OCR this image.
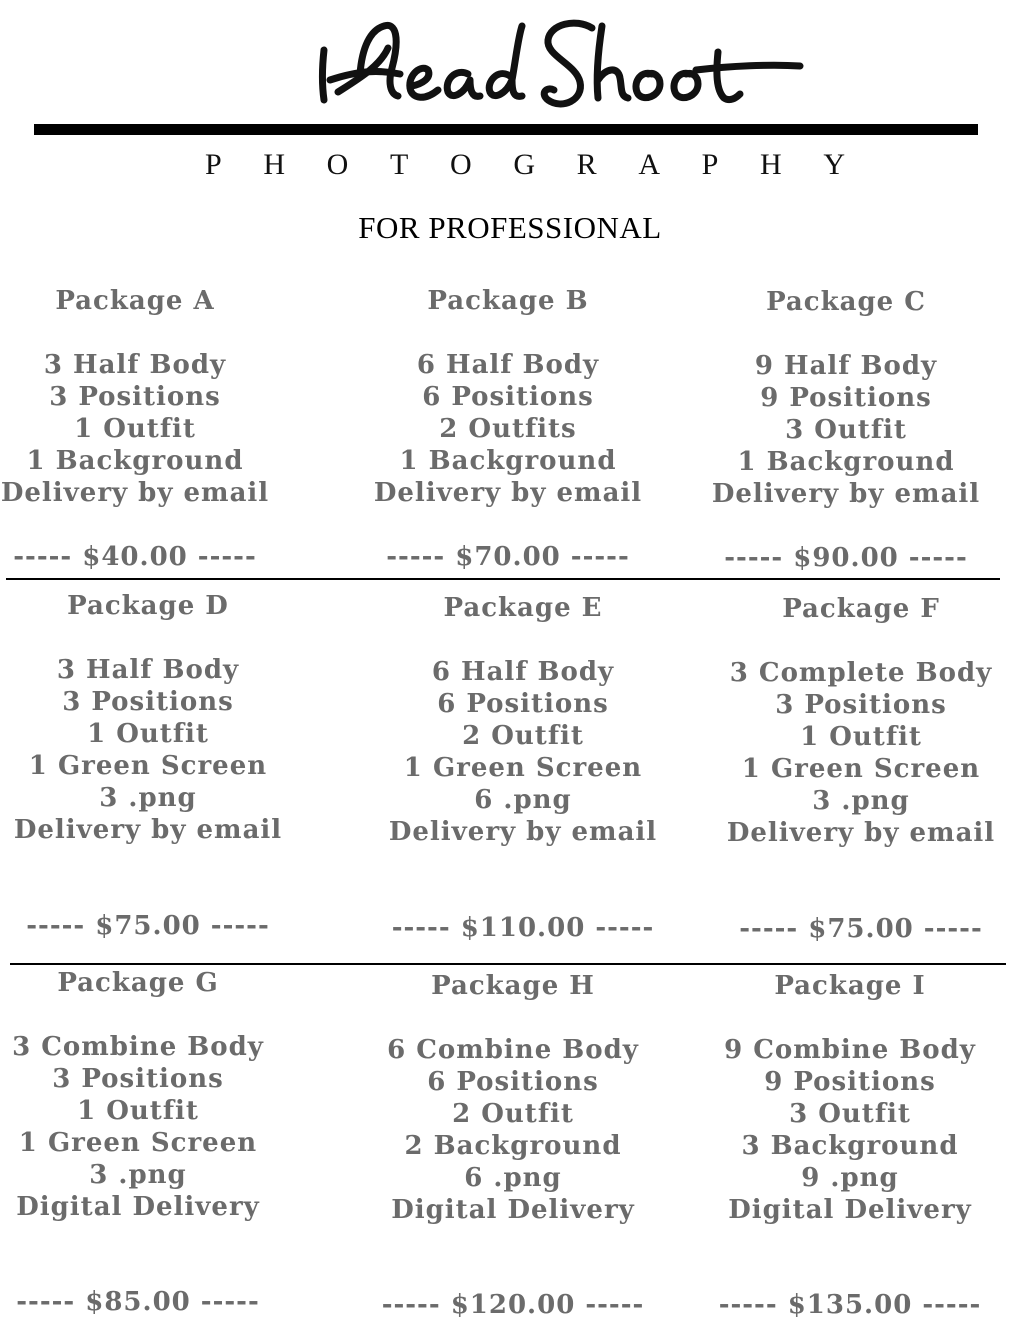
P H O T O G R A P H Y
FOR PROFESSIONAL
Package A
3 Half Body
3 Positions
1 Outfit
1 Background
Delivery by email
----- $40.00 -----
Package B
6 Half Body
6 Positions
2 Outfits
1 Background
Delivery by email
----- $70.00 -----
Package C
9 Half Body
9 Positions
3 Outfit
1 Background
Delivery by email
----- $90.00 -----
Package D
3 Half Body
3 Positions
1 Outfit
1 Green Screen
3 .png
Delivery by email
----- $75.00 -----
Package E
6 Half Body
6 Positions
2 Outfit
1 Green Screen
6 .png
Delivery by email
----- $110.00 -----
Package F
3 Complete Body
3 Positions
1 Outfit
1 Green Screen
3 .png
Delivery by email
----- $75.00 -----
Package G
3 Combine Body
3 Positions
1 Outfit
1 Green Screen
3 .png
Digital Delivery
----- $85.00 -----
Package H
6 Combine Body
6 Positions
2 Outfit
2 Background
6 .png
Digital Delivery
----- $120.00 -----
Package I
9 Combine Body
9 Positions
3 Outfit
3 Background
9 .png
Digital Delivery
----- $135.00 -----
